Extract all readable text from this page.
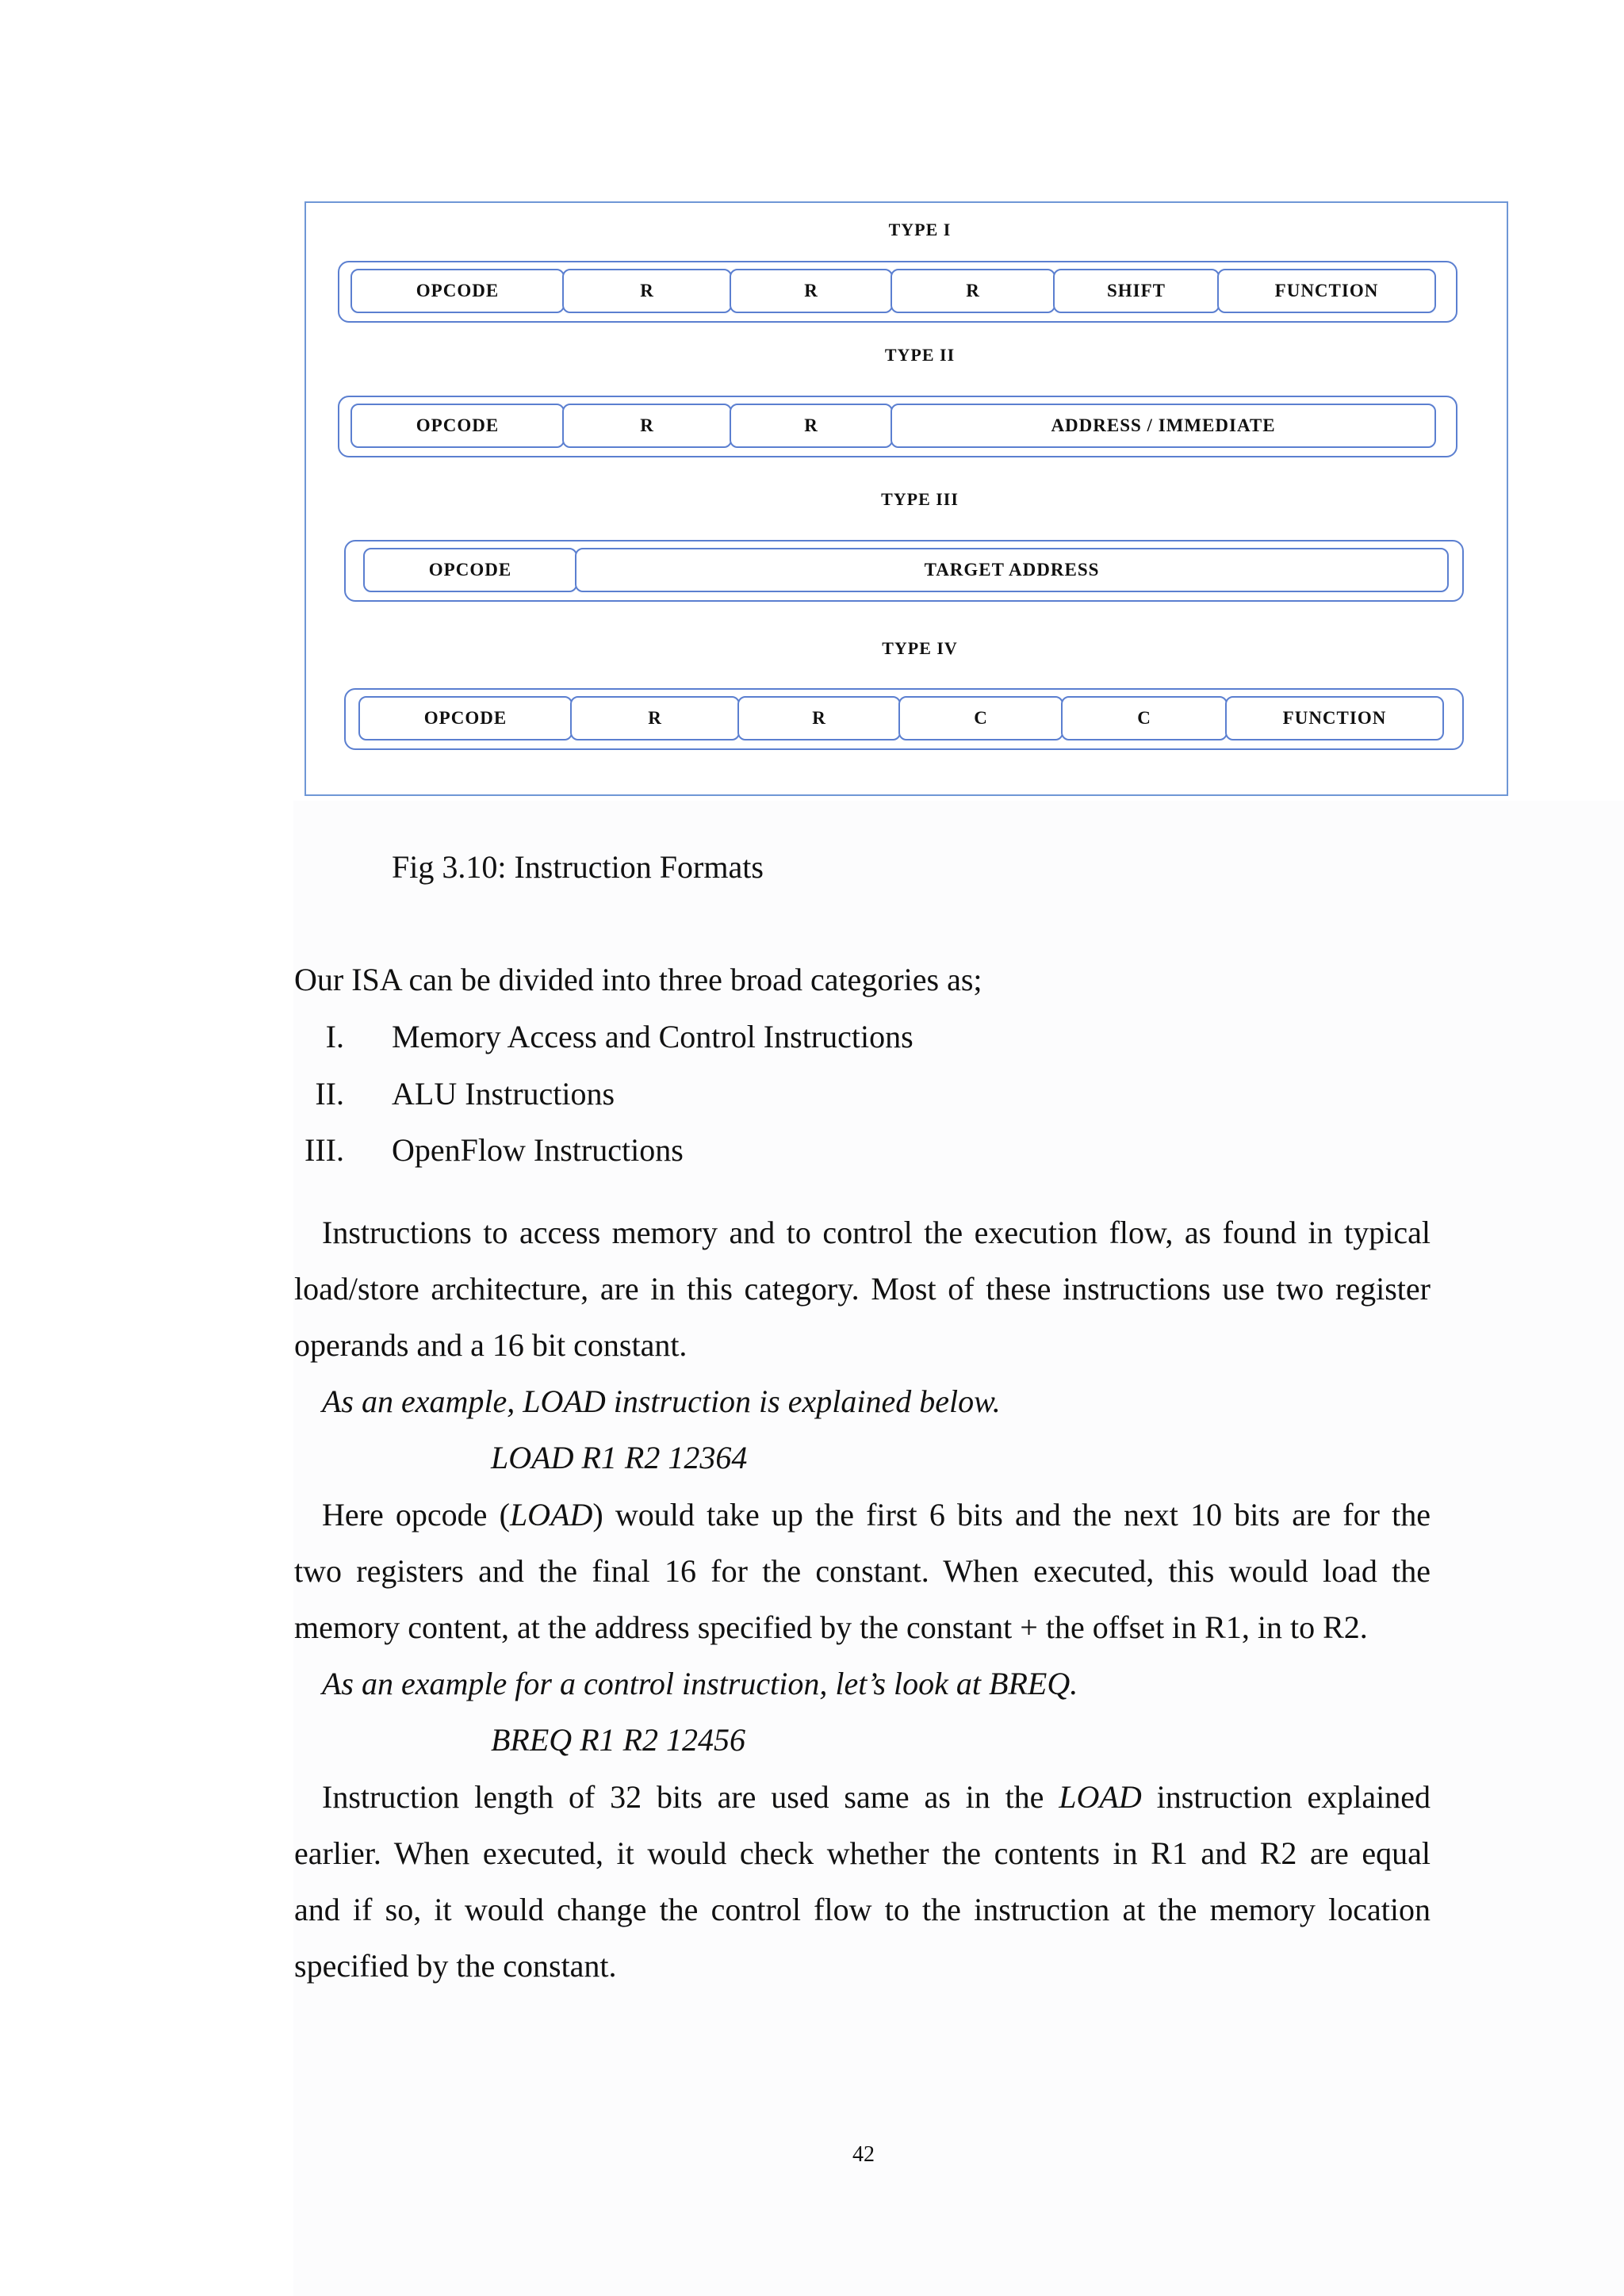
TYPE I
OPCODE	R	R	R	SHIFT	FUNCTION
TYPE II
OPCODE	R	R	ADDRESS / IMMEDIATE
TYPE III
OPCODE	TARGET ADDRESS
TYPE IV
OPCODE	R	R	C	C	FUNCTION
Fig 3.10: Instruction Formats
Our ISA can be divided into three broad categories as;
I. Memory Access and Control Instructions
II. ALU Instructions
III. OpenFlow Instructions
Instructions to access memory and to control the execution flow, as found in typical
load/store architecture, are in this category. Most of these instructions use two register
operands and a 16 bit constant.
As an example, LOAD instruction is explained below.
LOAD R1 R2 12364
Here opcode (LOAD) would take up the first 6 bits and the next 10 bits are for the
two registers and the final 16 for the constant. When executed, this would load the
memory content, at the address specified by the constant + the offset in R1, in to R2.
As an example for a control instruction, let’s look at BREQ.
BREQ R1 R2 12456
Instruction length of 32 bits are used same as in the LOAD instruction explained
earlier. When executed, it would check whether the contents in R1 and R2 are equal
and if so, it would change the control flow to the instruction at the memory location
specified by the constant.
42
